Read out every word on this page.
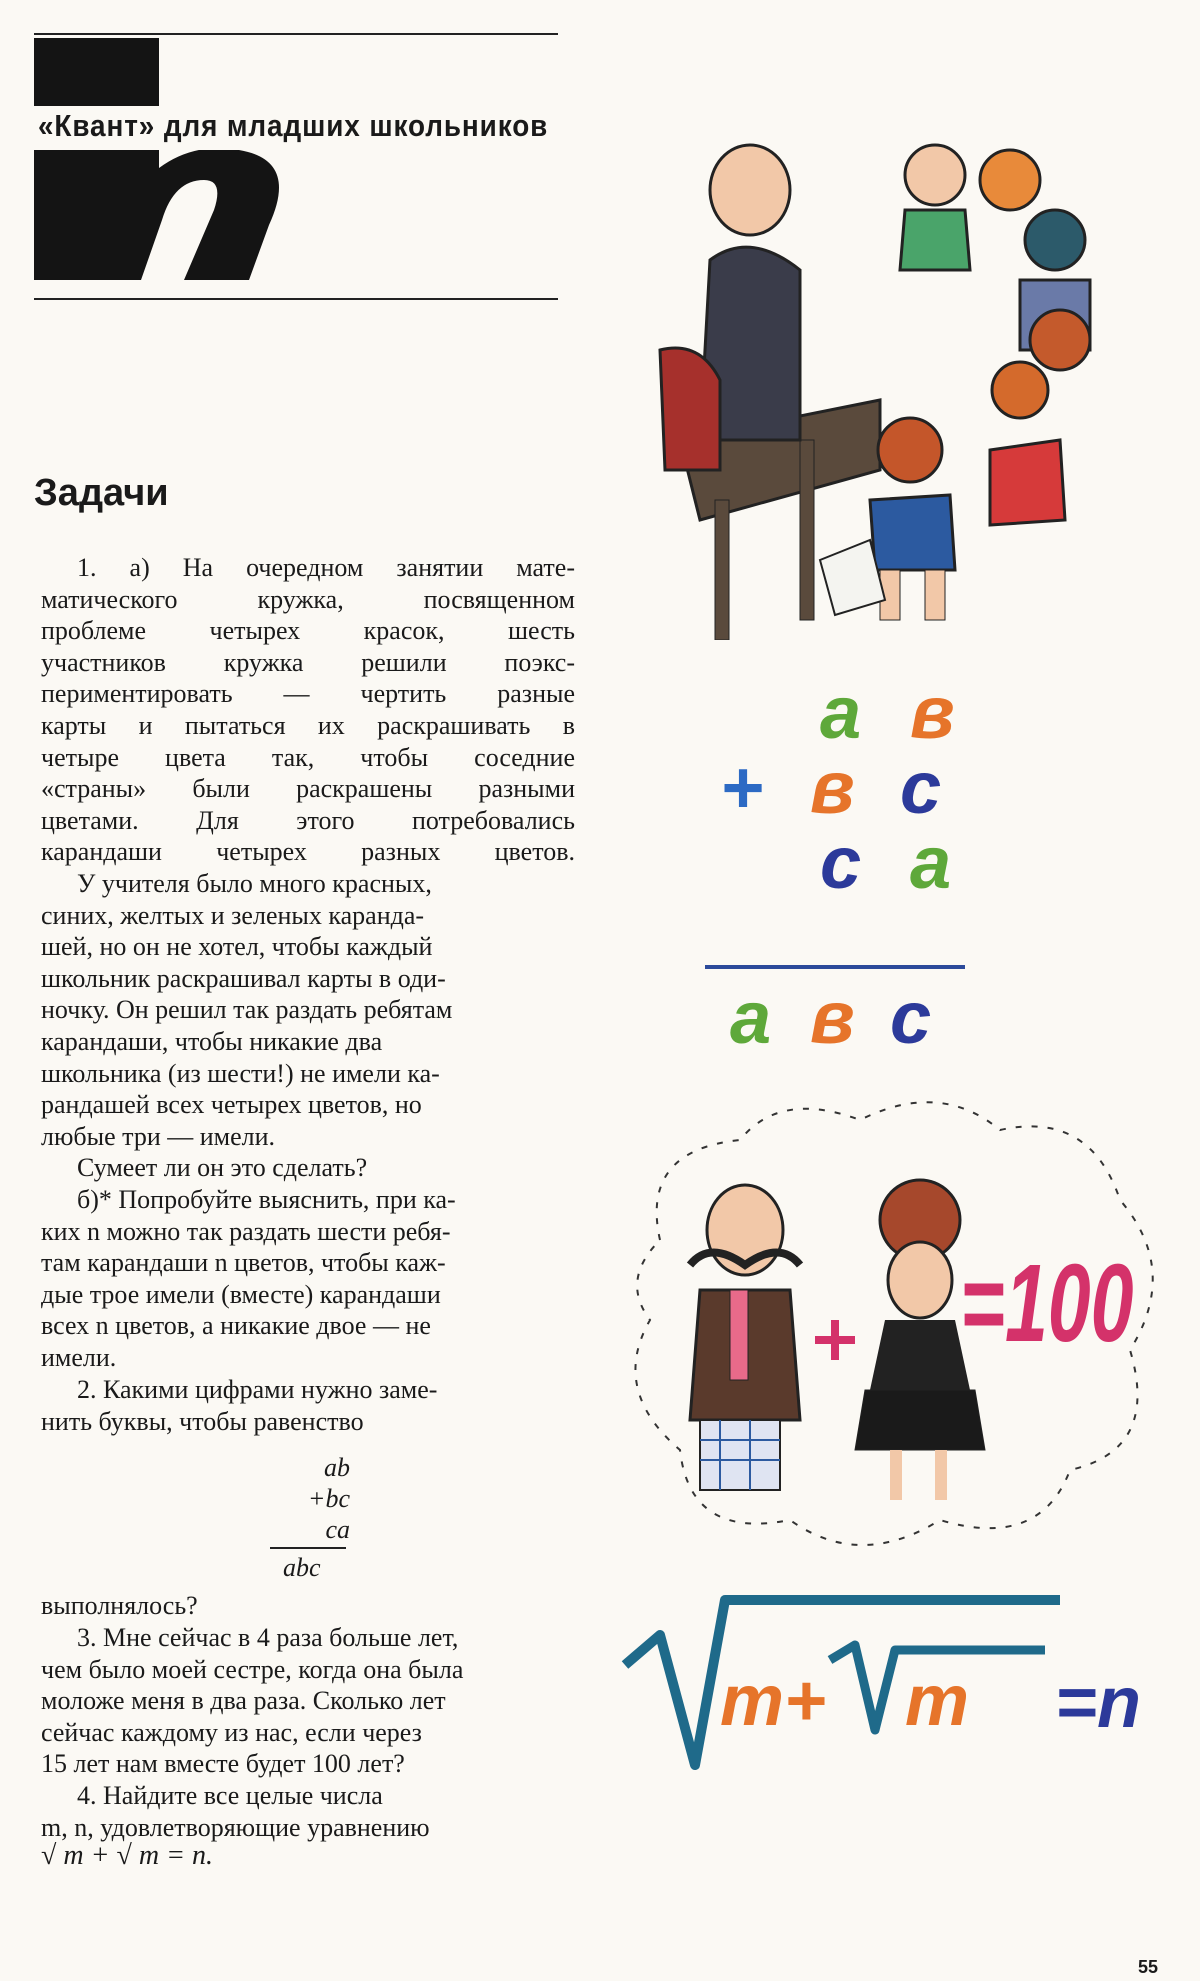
«Квант» для младших школьников
Задачи
1. а) На очередном занятии мате-
матического кружка, посвященном
проблеме четырех красок, шесть
участников кружка решили поэкс-
периментировать — чертить разные
карты и пытаться их раскрашивать в
четыре цвета так, чтобы соседние
«страны» были раскрашены разными
цветами. Для этого потребовались
карандаши четырех разных цветов.
У учителя было много красных,
синих, желтых и зеленых каранда-
шей, но он не хотел, чтобы каждый
школьник раскрашивал карты в оди-
ночку. Он решил так раздать ребятам
карандаши, чтобы никакие два
школьника (из шести!) не имели ка-
рандашей всех четырех цветов, но
любые три — имели.
Сумеет ли он это сделать?
б)* Попробуйте выяснить, при ка-
ких n можно так раздать шести ребя-
там карандаши n цветов, чтобы каж-
дые трое имели (вместе) карандаши
всех n цветов, а никакие двое — не
имели.
2. Какими цифрами нужно заме-
нить буквы, чтобы равенство
ab
+bc
ca
abc
выполнялось?
3. Мне сейчас в 4 раза больше лет,
чем было моей сестре, когда она была
моложе меня в два раза. Сколько лет
сейчас каждому из нас, если через
15 лет нам вместе будет 100 лет?
4. Найдите все целые числа
m, n, удовлетворяющие уравнению
√ m + √ m = n.
55
a в
+ в c
c a
a в c
=100
m+ m =n
